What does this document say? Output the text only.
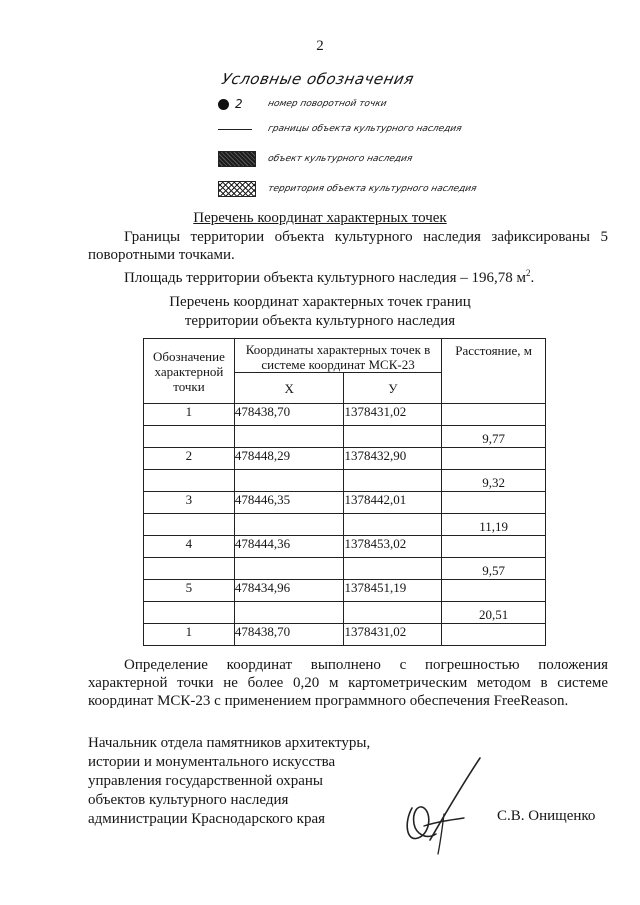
2
Условные обозначения
2	номер поворотной точки
границы объекта культурного наследия
объект культурного наследия
территория объекта культурного наследия
Перечень координат характерных точек
Границы территории объекта культурного наследия зафиксированы 5 поворотными точками.
Площадь территории объекта культурного наследия – 196,78 $м^2$.
Перечень координат характерных точек границ
территории объекта культурного наследия
Обозначение характерной точки	Координаты характерных точек в системе координат МСК-23		Расстояние, м
	Х	У	
1	478438,70	1378431,02	
			9,77
2	478448,29	1378432,90	
			9,32
3	478446,35	1378442,01	
			11,19
4	478444,36	1378453,02	
			9,57
5	478434,96	1378451,19	
			20,51
1	478438,70	1378431,02	
Определение координат выполнено с погрешностью положения характерной точки не более 0,20 м картометрическим методом в системе координат МСК-23 с применением программного обеспечения FreeReason.
Начальник отдела памятников архитектуры,
истории и монументального искусства
управления государственной охраны
объектов культурного наследия
администрации Краснодарского края	С.В. Онищенко
